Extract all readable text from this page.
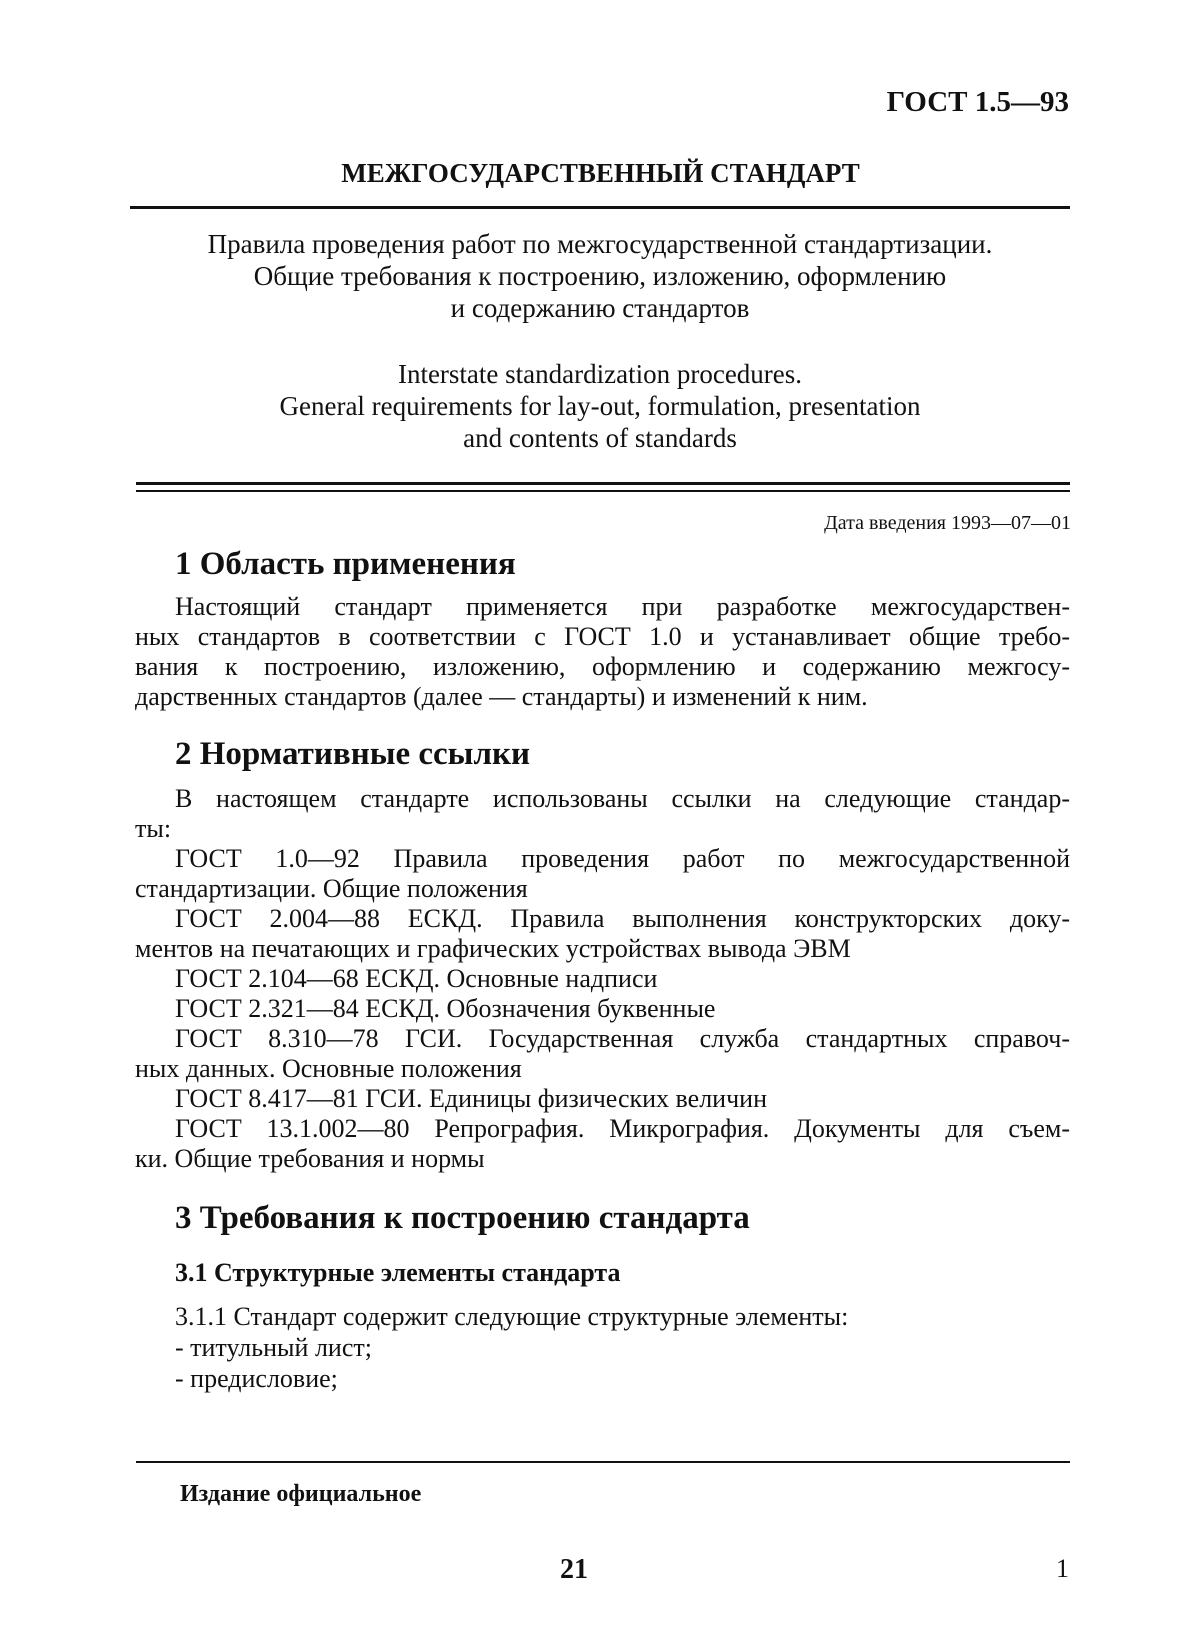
ГОСТ 1.5—93
МЕЖГОСУДАРСТВЕННЫЙ СТАНДАРТ
Правила проведения работ по межгосударственной стандартизации.
Общие требования к построению, изложению, оформлению
и содержанию стандартов
Interstate standardization procedures.
General requirements for lay-out, formulation, presentation
and contents of standards
Дата введения 1993—07—01
1 Область применения

Настоящий стандарт применяется при разработке межгосударствен-

ных стандартов в соответствии с ГОСТ 1.0 и устанавливает общие требо-

вания к построению, изложению, оформлению и содержанию межгосу-

дарственных стандартов (далее — стандарты) и изменений к ним.

2 Нормативные ссылки

В настоящем стандарте использованы ссылки на следующие стандар-

ты:

ГОСТ 1.0—92 Правила проведения работ по межгосударственной

стандартизации. Общие положения

ГОСТ 2.004—88 ЕСКД. Правила выполнения конструкторских доку-

ментов на печатающих и графических устройствах вывода ЭВМ

ГОСТ 2.104—68 ЕСКД. Основные надписи

ГОСТ 2.321—84 ЕСКД. Обозначения буквенные

ГОСТ 8.310—78 ГСИ. Государственная служба стандартных справоч-

ных данных. Основные положения

ГОСТ 8.417—81 ГСИ. Единицы физических величин

ГОСТ 13.1.002—80 Репрография. Микрография. Документы для съем-

ки. Общие требования и нормы

3 Требования к построению стандарта
3.1 Структурные элементы стандарта
3.1.1 Стандарт содержит следующие структурные элементы:
- титульный лист;
- предисловие;
Издание официальное
21	1
